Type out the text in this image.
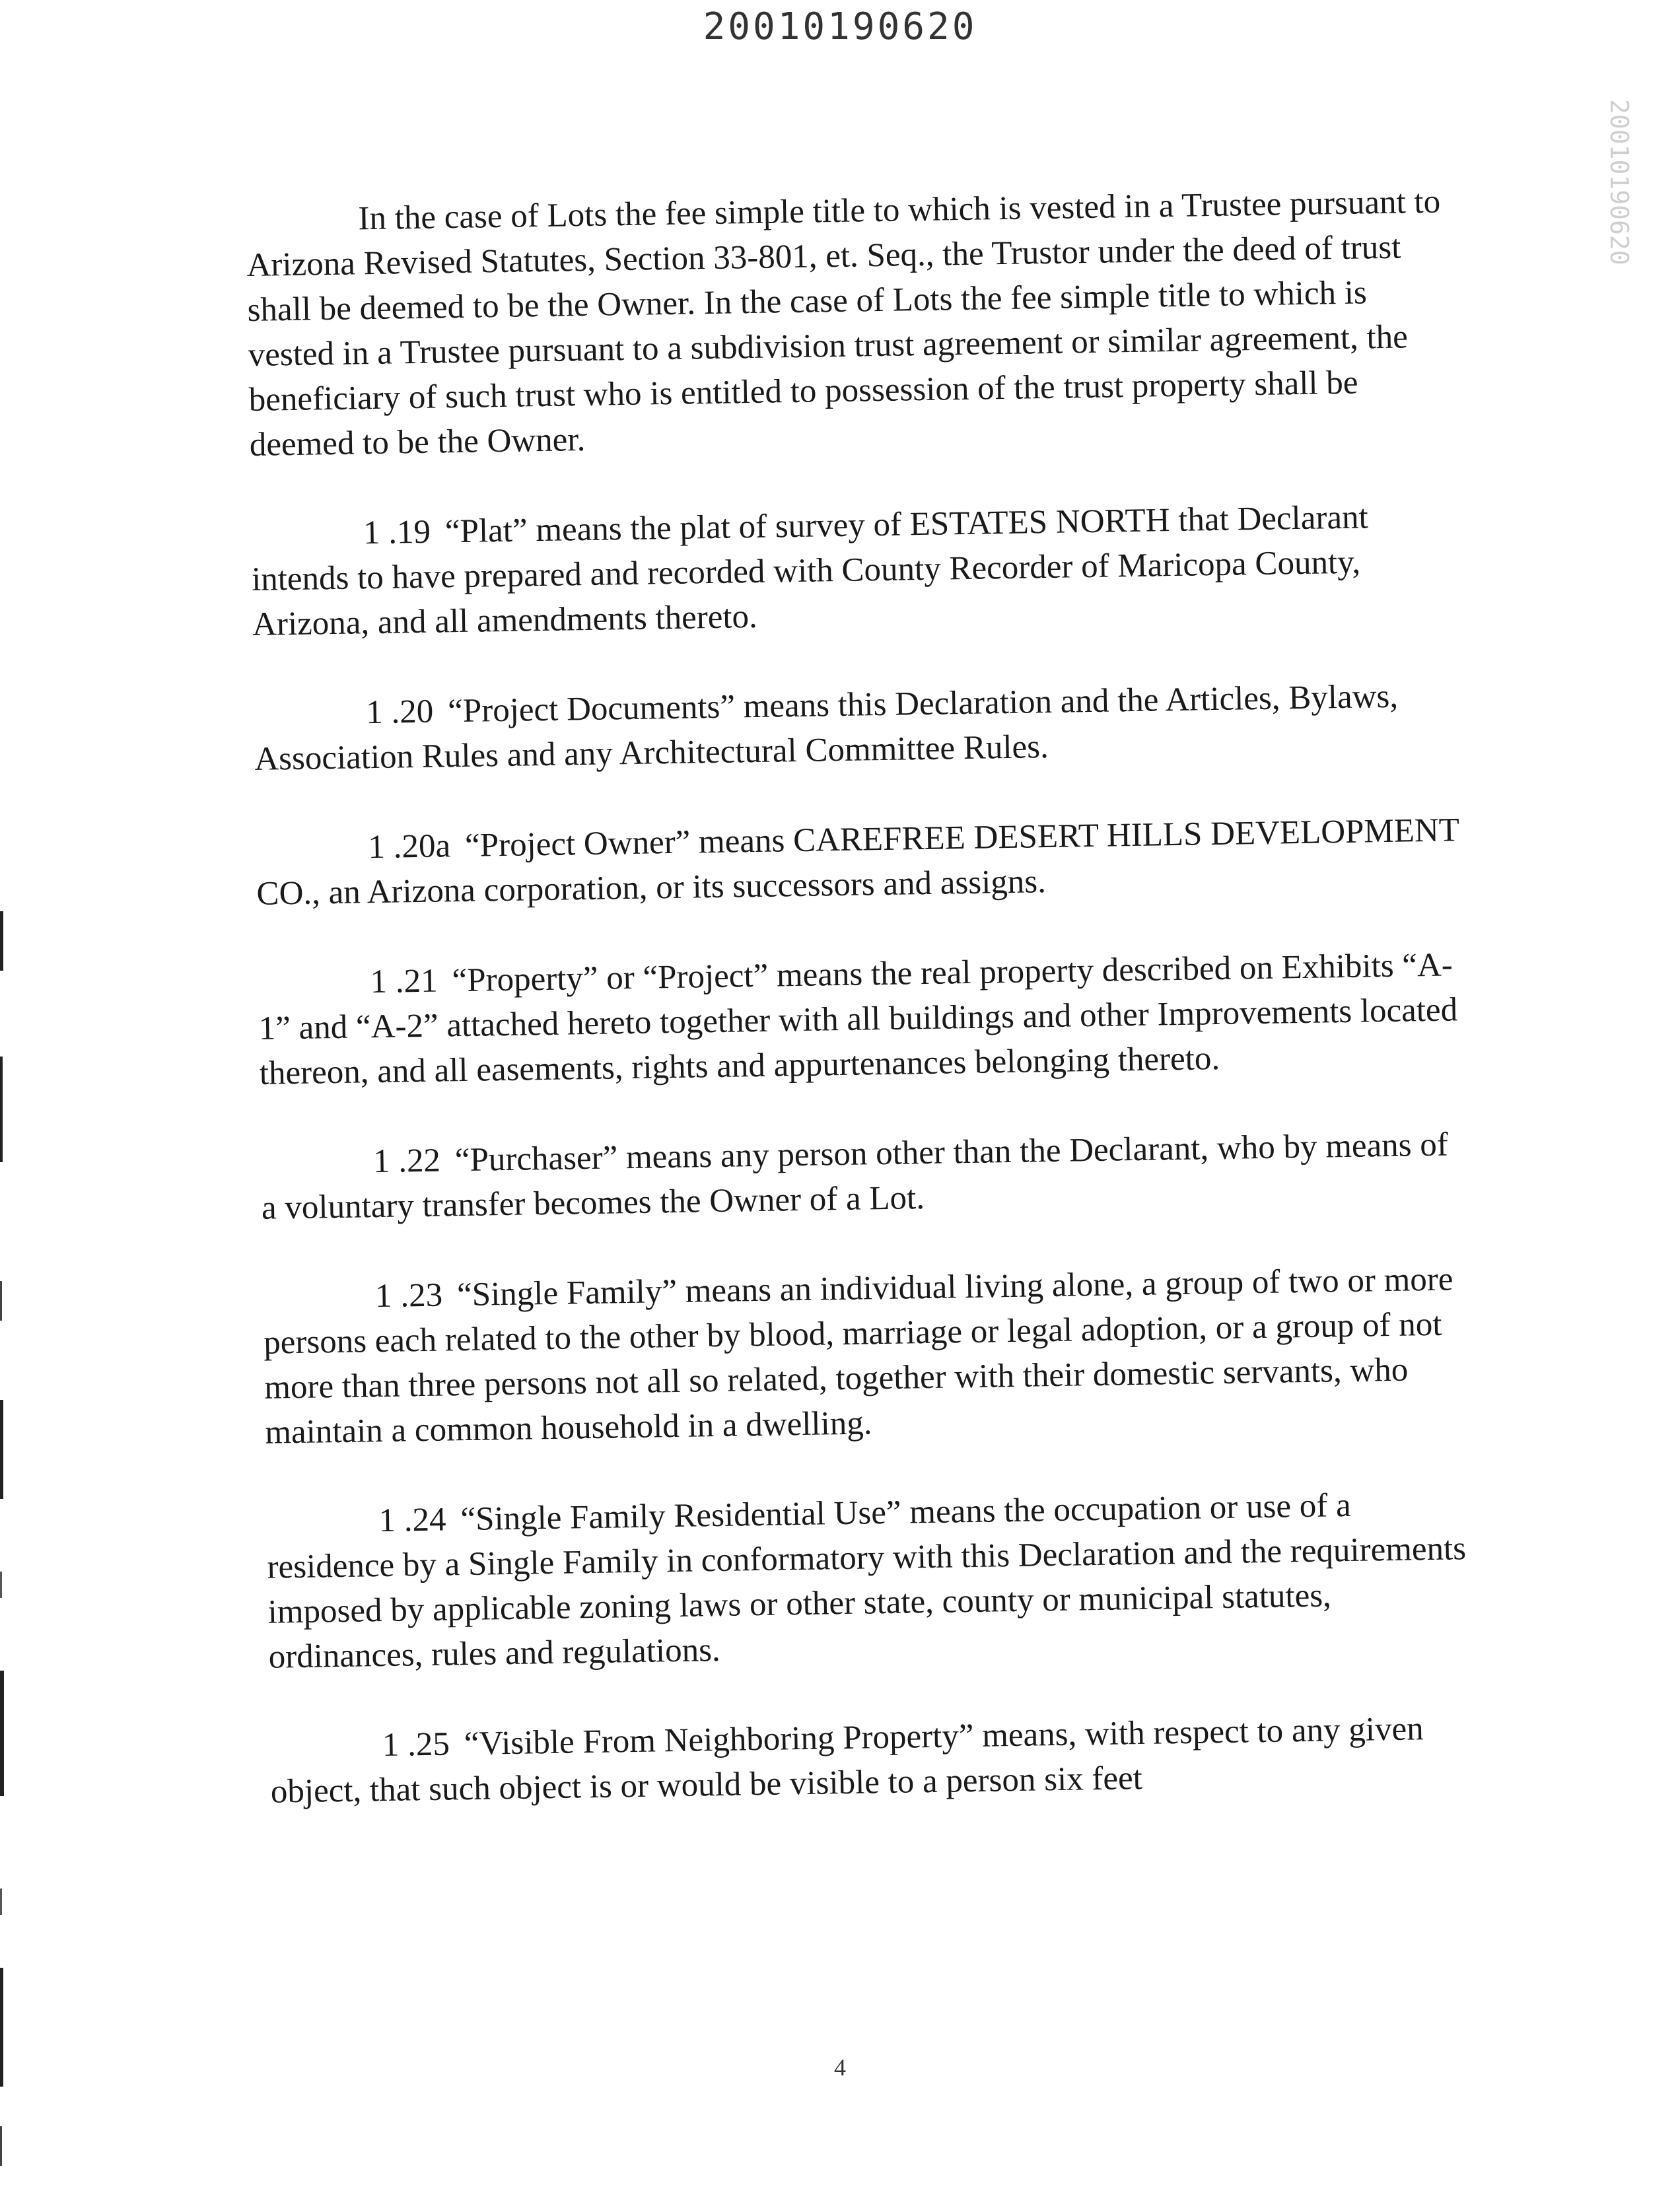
20010190620
20010190620

In the case of Lots the fee simple title to which is vested in a Trustee pursuant to Arizona Revised Statutes, Section 33-801, et. Seq., the Trustor under the deed of trust shall be deemed to be the Owner. In the case of Lots the fee simple title to which is vested in a Trustee pursuant to a subdivision trust agreement or similar agreement, the beneficiary of such trust who is entitled to possession of the trust property shall be deemed to be the Owner.

1 .19 “Plat” means the plat of survey of ESTATES NORTH that Declarant intends to have prepared and recorded with County Recorder of Maricopa County, Arizona, and all amendments thereto.

1 .20 “Project Documents” means this Declaration and the Articles, Bylaws, Association Rules and any Architectural Committee Rules.

1 .20a “Project Owner” means CAREFREE DESERT HILLS DEVELOPMENT CO., an Arizona corporation, or its successors and assigns.

1 .21 “Property” or “Project” means the real property described on Exhibits “A-1” and “A-2” attached hereto together with all buildings and other Improvements located thereon, and all easements, rights and appurtenances belonging thereto.

1 .22 “Purchaser” means any person other than the Declarant, who by means of a voluntary transfer becomes the Owner of a Lot.

1 .23 “Single Family” means an individual living alone, a group of two or more persons each related to the other by blood, marriage or legal adoption, or a group of not more than three persons not all so related, together with their domestic servants, who maintain a common household in a dwelling.

1 .24 “Single Family Residential Use” means the occupation or use of a residence by a Single Family in conformatory with this Declaration and the requirements imposed by applicable zoning laws or other state, county or municipal statutes, ordinances, rules and regulations.

1 .25 “Visible From Neighboring Property” means, with respect to any given object, that such object is or would be visible to a person six feet

4
